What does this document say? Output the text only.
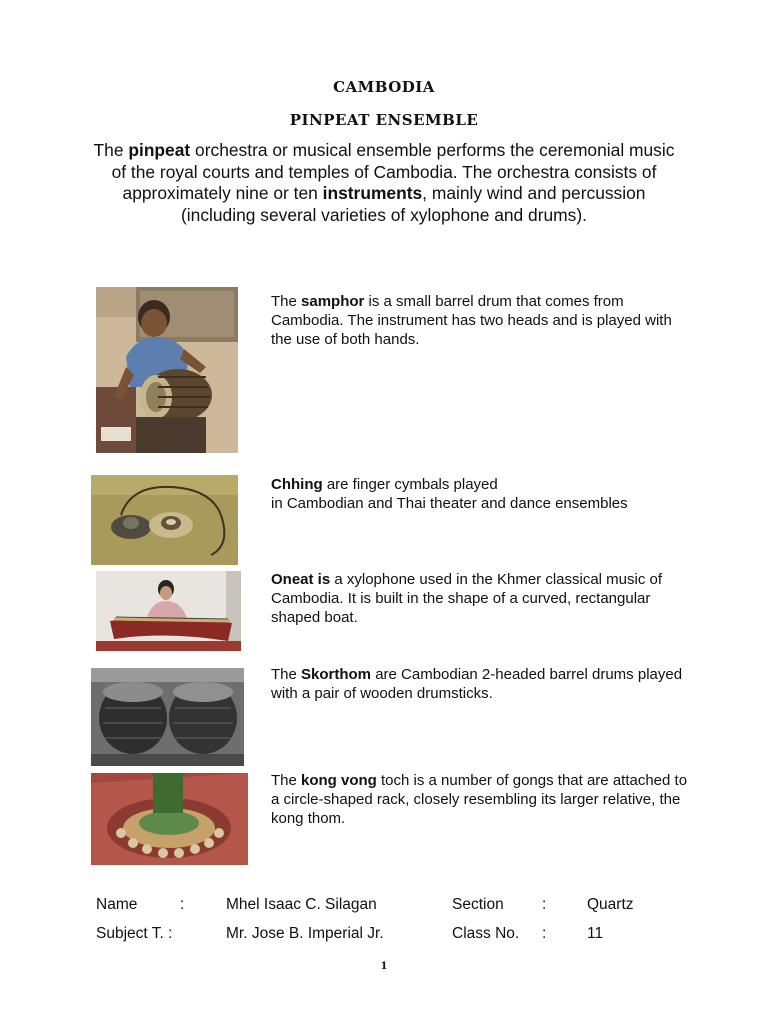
CAMBODIA
PINPEAT ENSEMBLE
The pinpeat orchestra or musical ensemble performs the ceremonial music of the royal courts and temples of Cambodia. The orchestra consists of approximately nine or ten instruments, mainly wind and percussion (including several varieties of xylophone and drums).
The samphor is a small barrel drum that comes from Cambodia. The instrument has two heads and is played with the use of both hands.
Chhing are finger cymbals played
in Cambodian and Thai theater and dance ensembles
Oneat is a xylophone used in the Khmer classical music of Cambodia. It is built in the shape of a curved, rectangular shaped boat.
The Skorthom are Cambodian 2-headed barrel drums played with a pair of wooden drumsticks.
The kong vong toch is a number of gongs that are attached to a circle-shaped rack, closely resembling its larger relative, the kong thom.
Name	:	Mhel Isaac C. Silagan	Section :	Quartz
Subject T. :	Mr. Jose B. Imperial Jr.	Class No. :	11
1
